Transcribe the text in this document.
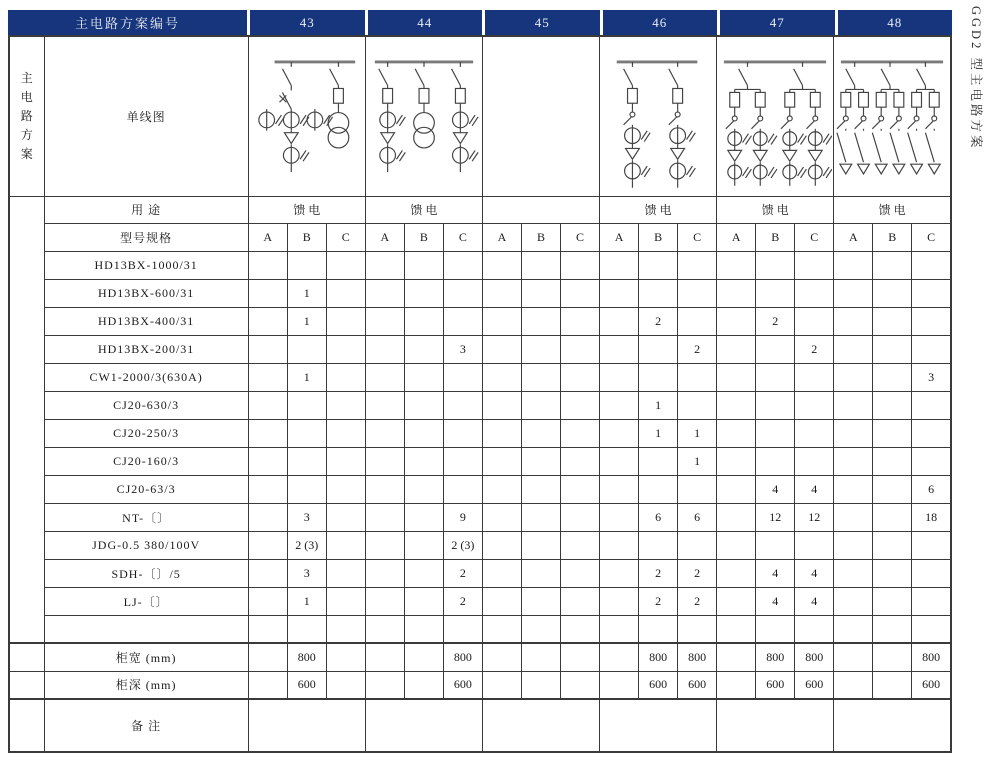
主电路方案编号	43	44	45	46	47	48
主
电
路
方
案	单线图	

	用 途	馈 电			馈 电						馈 电			馈 电			馈 电		
	型号规格	A	B	C	A	B	C	A	B	C	A	B	C	A	B	C	A	B	C
	HD13BX-1000/31																		
	HD13BX-600/31		1																
	HD13BX-400/31		1									2			2				
	HD13BX-200/31						3						2			2			
	CW1-2000/3(630A)		1																3
	CJ20-630/3											1							
	CJ20-250/3											1	1						
	CJ20-160/3												1						
	CJ20-63/3														4	4			6
	NT-〔〕		3				9					6	6		12	12			18
	JDG-0.5 380/100V		2 (3)				2 (3)												
	SDH-〔〕/5		3				2					2	2		4	4			
	LJ-〔〕		1				2					2	2		4	4			

	柜宽 (mm)		800				800					800	800		800	800			800
	柜深 (mm)		600				600					600	600		600	600			600
	备 注																		
GGD2 型主电路方案
